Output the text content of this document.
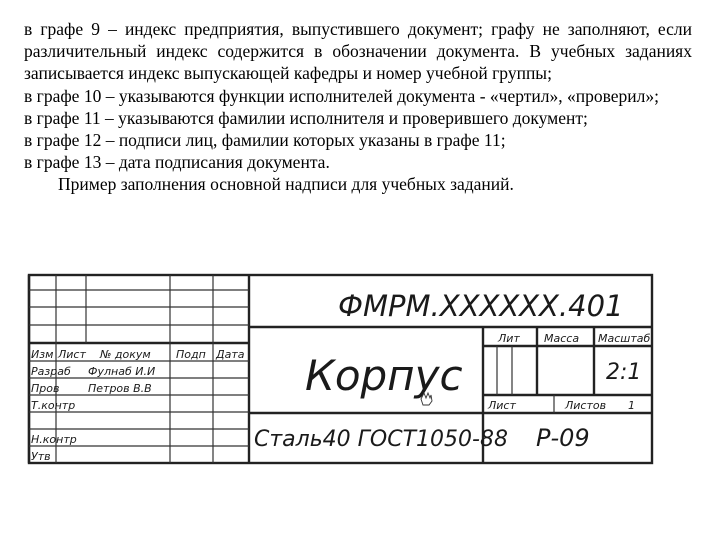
в графе 9 – индекс предприятия, выпустившего документ; графу не заполняют, если различительный индекс содержится в обозначении документа. В учебных заданиях записывается индекс выпускающей кафедры и номер учебной группы;

в графе 10 – указываются функции исполнителей документа - «чертил», «проверил»;

в графе 11 – указываются фамилии исполнителя и проверившего документ;

в графе 12 – подписи лиц, фамилии которых указаны в графе 11;

в графе 13 – дата подписания документа.

Пример заполнения основной надписи для учебных заданий.

Изм Лист № докум Подп Дата
Разраб
Пров
Т.контр
Н.контр
Утв
Фулнаб И.И
Петров В.В
ФМРМ.ХХХХХХ.401
Корпус
Сталь40 ГОСТ1050-88
Лит Масса Масштаб
2:1
Лист	Листов 1
Р-09
